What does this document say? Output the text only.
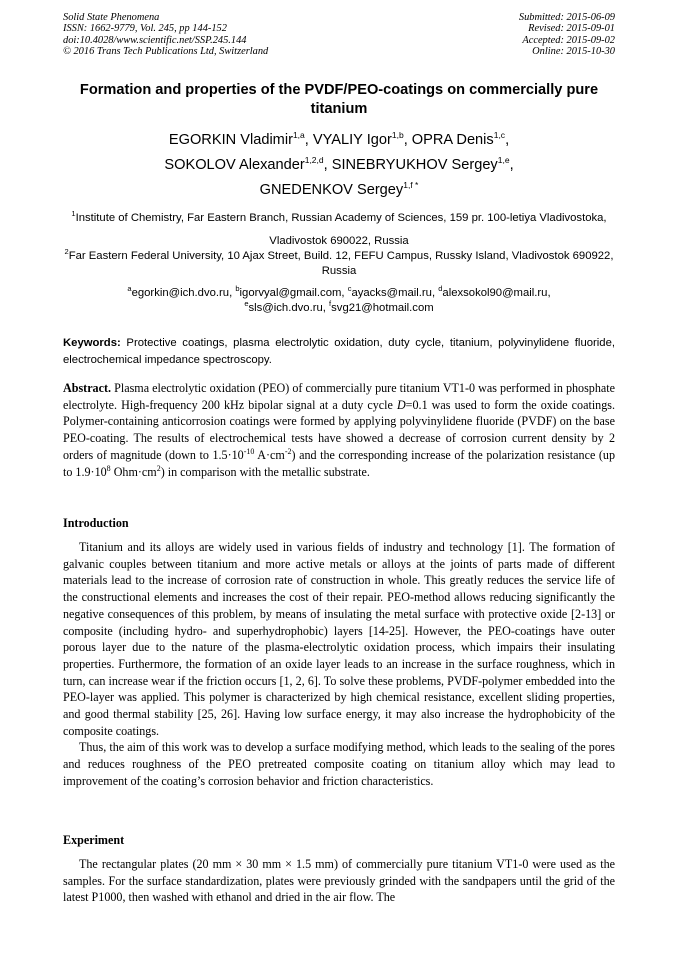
Solid State Phenomena
ISSN: 1662-9779, Vol. 245, pp 144-152
doi:10.4028/www.scientific.net/SSP.245.144
© 2016 Trans Tech Publications Ltd, Switzerland
Submitted: 2015-06-09
Revised: 2015-09-01
Accepted: 2015-09-02
Online: 2015-10-30
Formation and properties of the PVDF/PEO-coatings on commercially pure titanium
EGORKIN Vladimir$^{1,a}$, VYALIY Igor$^{1,b}$, OPRA Denis$^{1,c}$,
SOKOLOV Alexander$^{1,2,d}$, SINEBRYUKHOV Sergey$^{1,e}$,
GNEDENKOV Sergey$^{1,f *}$
$^1$Institute of Chemistry, Far Eastern Branch, Russian Academy of Sciences, 159 pr. 100-letiya Vladivostoka, Vladivostok 690022, Russia
$^2$Far Eastern Federal University, 10 Ajax Street, Build. 12, FEFU Campus, Russky Island, Vladivostok 690922, Russia
$^a$egorkin@ich.dvo.ru, $^b$igorvyal@gmail.com, $^c$ayacks@mail.ru, $^d$alexsokol90@mail.ru,
$^e$sls@ich.dvo.ru, $^f$svg21@hotmail.com
Keywords: Protective coatings, plasma electrolytic oxidation, duty cycle, titanium, polyvinylidene fluoride, electrochemical impedance spectroscopy.

Abstract. Plasma electrolytic oxidation (PEO) of commercially pure titanium VT1-0 was performed in phosphate electrolyte. High-frequency 200 kHz bipolar signal at a duty cycle D=0.1 was used to form the oxide coatings. Polymer-containing anticorrosion coatings were formed by applying polyvinylidene fluoride (PVDF) on the base PEO-coating. The results of electrochemical tests have showed a decrease of corrosion current density by 2 orders of magnitude (down to $1.5\cdot 10^{-10}$ $A\cdot cm^{-2}$) and the corresponding increase of the polarization resistance (up to $1.9\cdot 10^8$ $Ohm\cdot cm^2$) in comparison with the metallic substrate.

Introduction

Titanium and its alloys are widely used in various fields of industry and technology [1]. The formation of galvanic couples between titanium and more active metals or alloys at the joints of parts made of different materials lead to the increase of corrosion rate of construction in whole. This greatly reduces the service life of the constructional elements and increases the cost of their repair. PEO-method allows reducing significantly the negative consequences of this problem, by means of insulating the metal surface with protective oxide [2-13] or composite (including hydro- and superhydrophobic) layers [14-25]. However, the PEO-coatings have outer porous layer due to the nature of the plasma-electrolytic oxidation process, which impairs their insulating properties. Furthermore, the formation of an oxide layer leads to an increase in the surface roughness, which in turn, can increase wear if the friction occurs [1, 2, 6]. To solve these problems, PVDF-polymer embedded into the PEO-layer was applied. This polymer is characterized by high chemical resistance, excellent sliding properties, and good thermal stability [25, 26]. Having low surface energy, it may also increase the hydrophobicity of the composite coatings.

Thus, the aim of this work was to develop a surface modifying method, which leads to the sealing of the pores and reduces roughness of the PEO pretreated composite coating on titanium alloy which may lead to improvement of the coating’s corrosion behavior and friction characteristics.

Experiment

The rectangular plates (20 mm × 30 mm × 1.5 mm) of commercially pure titanium VT1-0 were used as the samples. For the surface standardization, plates were previously grinded with the sandpapers until the grid of the latest P1000, then washed with ethanol and dried in the air flow. The
